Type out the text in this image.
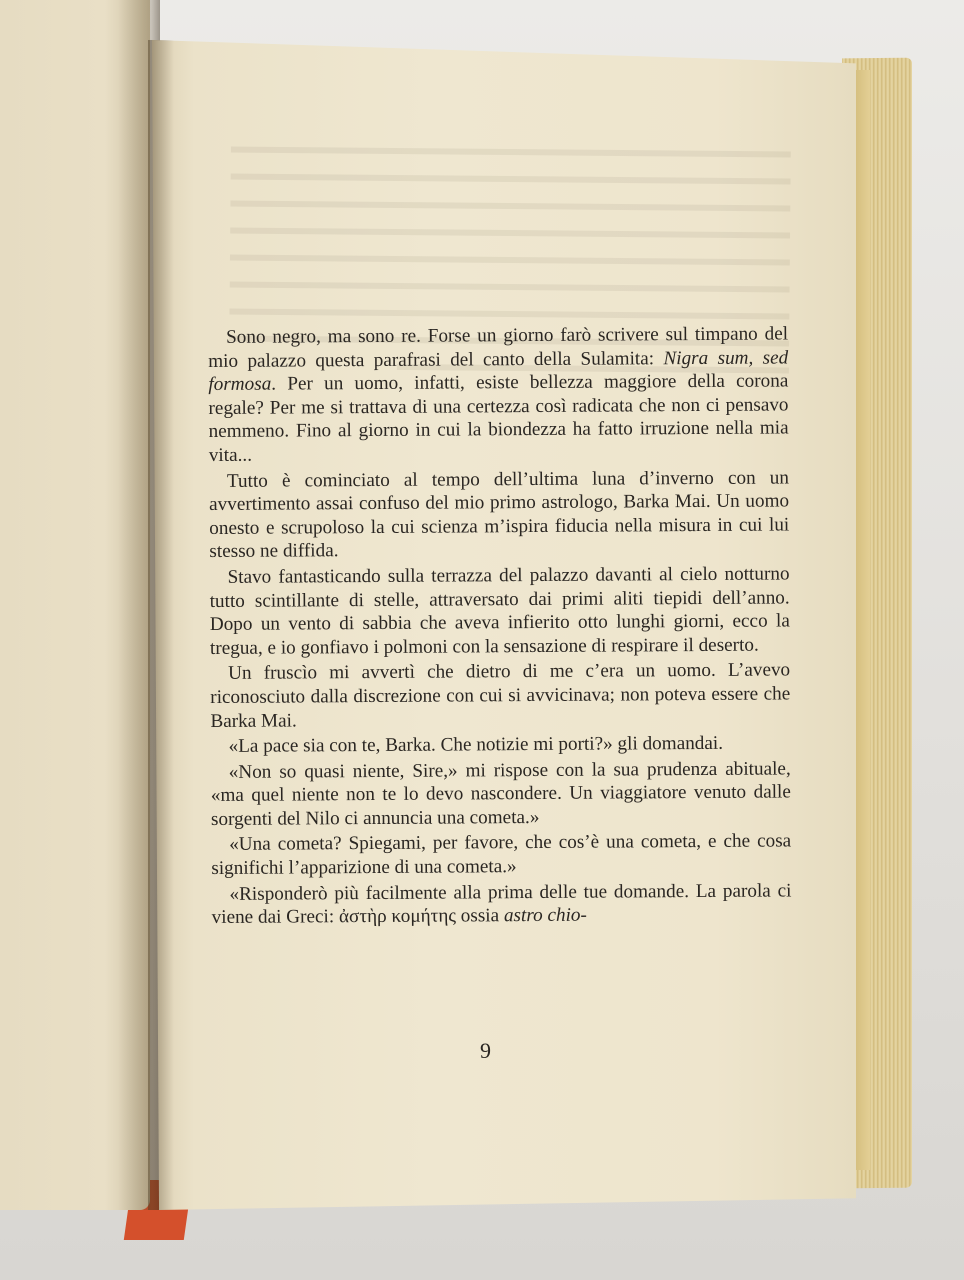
Sono negro, ma sono re. Forse un giorno farò scrivere sul timpano del mio palazzo questa parafrasi del canto della Sulamita: Nigra sum, sed formosa. Per un uomo, infatti, esiste bellezza maggiore della corona regale? Per me si trattava di una certezza così radicata che non ci pensavo nemmeno. Fino al giorno in cui la biondezza ha fatto irruzione nella mia vita...

Tutto è cominciato al tempo dell’ultima luna d’inverno con un avvertimento assai confuso del mio primo astrologo, Barka Mai. Un uomo onesto e scrupoloso la cui scienza m’ispira fiducia nella misura in cui lui stesso ne diffida.

Stavo fantasticando sulla terrazza del palazzo davanti al cielo notturno tutto scintillante di stelle, attraversato dai primi aliti tiepidi dell’anno. Dopo un vento di sabbia che aveva infierito otto lunghi giorni, ecco la tregua, e io gonfiavo i polmoni con la sensazione di respirare il deserto.

Un fruscìo mi avvertì che dietro di me c’era un uomo. L’avevo riconosciuto dalla discrezione con cui si avvicinava; non poteva essere che Barka Mai.

«La pace sia con te, Barka. Che notizie mi porti?» gli domandai.

«Non so quasi niente, Sire,» mi rispose con la sua prudenza abituale, «ma quel niente non te lo devo nascondere. Un viaggiatore venuto dalle sorgenti del Nilo ci annuncia una cometa.»

«Una cometa? Spiegami, per favore, che cos’è una cometa, e che cosa significhi l’apparizione di una cometa.»

«Risponderò più facilmente alla prima delle tue domande. La parola ci viene dai Greci: ἀστὴρ κομήτης ossia astro chio-

9
